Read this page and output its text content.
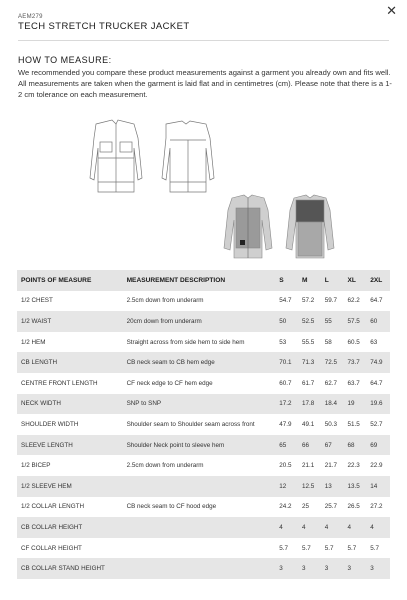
AEM279
TECH STRETCH TRUCKER JACKET
✕
HOW TO MEASURE:
We recommended you compare these product measurements against a garment you already own and fits well. All measurements are taken when the garment is laid flat and in centimetres (cm). Please note that there is a 1-2 cm tolerance on each measurement.
POINTS OF MEASURE	MEASUREMENT DESCRIPTION	S	M	L	XL	2XL
1/2 CHEST	2.5cm down from underarm	54.7	57.2	59.7	62.2	64.7
1/2 WAIST	20cm down from underarm	50	52.5	55	57.5	60
1/2 HEM	Straight across from side hem to side hem	53	55.5	58	60.5	63
CB LENGTH	CB neck seam to CB hem edge	70.1	71.3	72.5	73.7	74.9
CENTRE FRONT LENGTH	CF neck edge to CF hem edge	60.7	61.7	62.7	63.7	64.7
NECK WIDTH	SNP to SNP	17.2	17.8	18.4	19	19.6
SHOULDER WIDTH	Shoulder seam to Shoulder seam across front	47.9	49.1	50.3	51.5	52.7
SLEEVE LENGTH	Shoulder Neck point to sleeve hem	65	66	67	68	69
1/2 BICEP	2.5cm down from underarm	20.5	21.1	21.7	22.3	22.9
1/2 SLEEVE HEM		12	12.5	13	13.5	14
1/2 COLLAR LENGTH	CB neck seam to CF hood edge	24.2	25	25.7	26.5	27.2
CB COLLAR HEIGHT		4	4	4	4	4
CF COLLAR HEIGHT		5.7	5.7	5.7	5.7	5.7
CB COLLAR STAND HEIGHT		3	3	3	3	3
